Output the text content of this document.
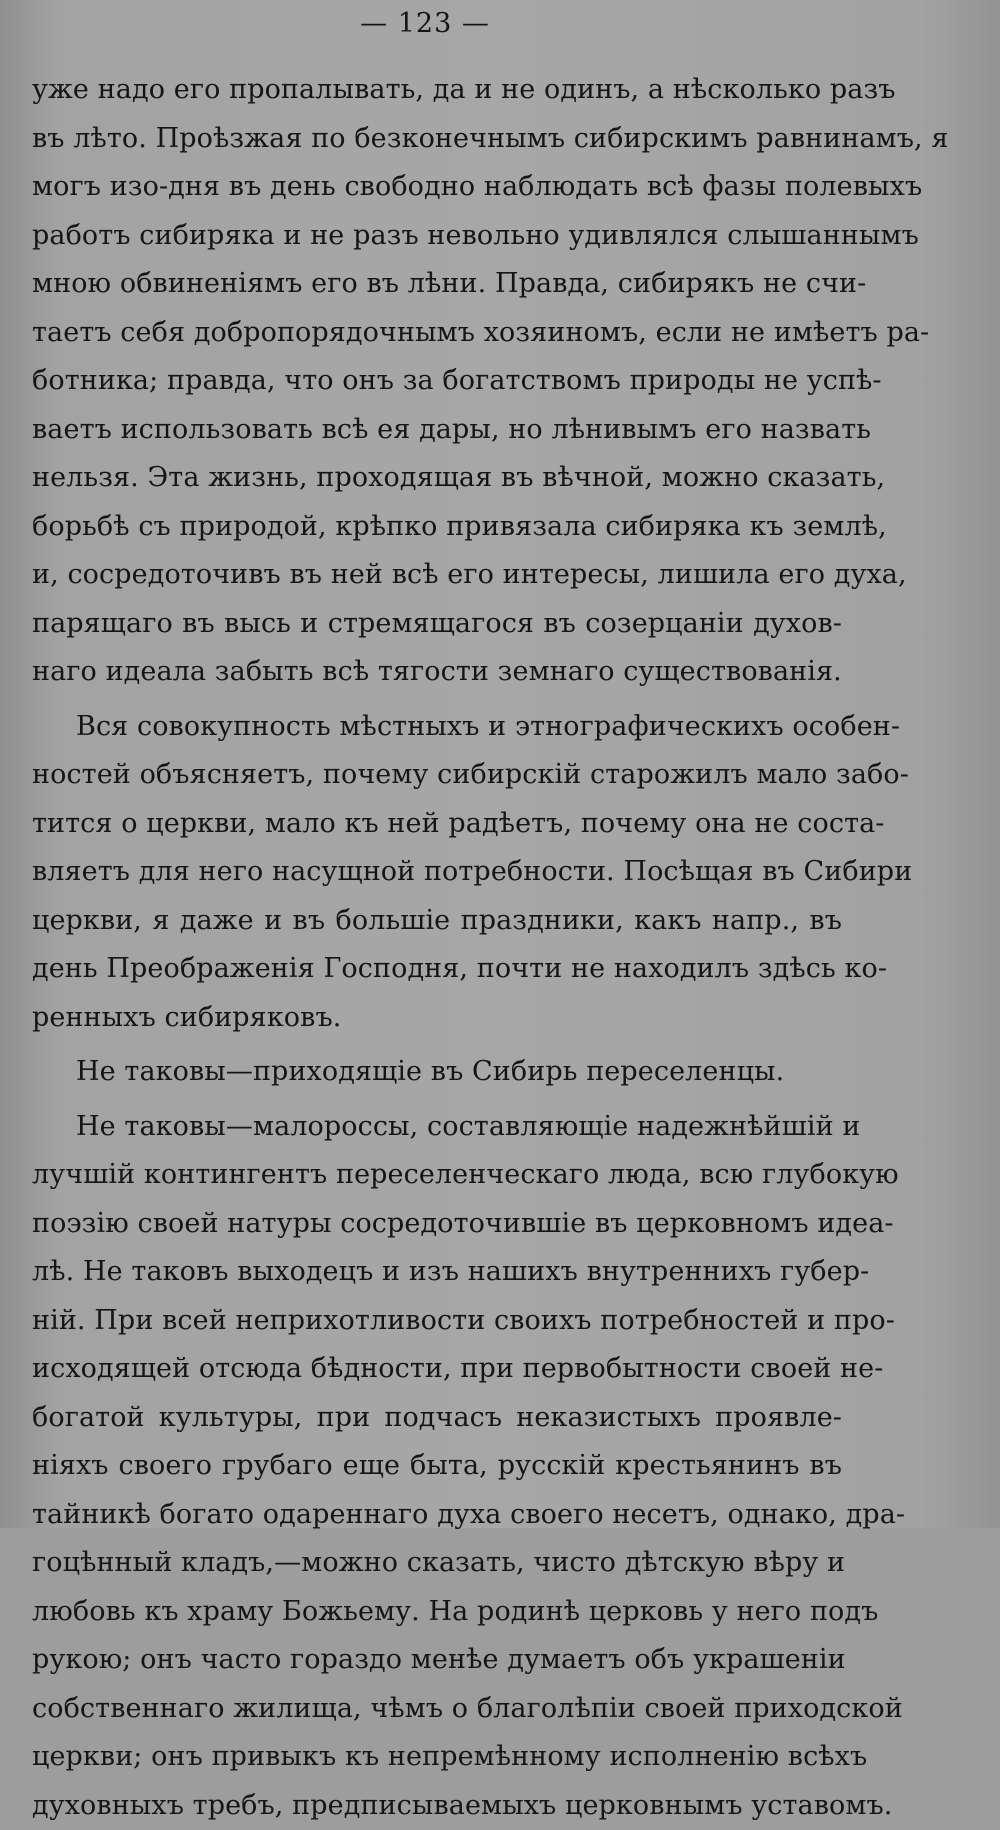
— 123 —
уже надо его пропалывать, да и не одинъ, а нѣсколько разъ
въ лѣто. Проѣзжая по безконечнымъ сибирскимъ равнинамъ, я
могъ изо-дня въ день свободно наблюдать всѣ фазы полевыхъ
работъ сибиряка и не разъ невольно удивлялся слышаннымъ
мною обвиненіямъ его въ лѣни. Правда, сибирякъ не счи-
таетъ себя добропорядочнымъ хозяиномъ, если не имѣетъ ра-
ботника; правда, что онъ за богатствомъ природы не успѣ-
ваетъ использовать всѣ ея дары, но лѣнивымъ его назвать
нельзя. Эта жизнь, проходящая въ вѣчной, можно сказать,
борьбѣ съ природой, крѣпко привязала сибиряка къ землѣ,
и, сосредоточивъ въ ней всѣ его интересы, лишила его духа,
парящаго въ высь и стремящагося въ созерцаніи духов-
наго идеала забыть всѣ тягости земнаго существованія.
Вся совокупность мѣстныхъ и этнографическихъ особен-
ностей объясняетъ, почему сибирскій старожилъ мало забо-
тится о церкви, мало къ ней радѣетъ, почему она не соста-
вляетъ для него насущной потребности. Посѣщая въ Сибири
церкви, я даже и въ большіе праздники, какъ напр., въ
день Преображенія Господня, почти не находилъ здѣсь ко-
ренныхъ сибиряковъ.
Не таковы—приходящіе въ Сибирь переселенцы.
Не таковы—малороссы, составляющіе надежнѣйшій и
лучшій контингентъ переселенческаго люда, всю глубокую
поэзію своей натуры сосредоточившіе въ церковномъ идеа-
лѣ. Не таковъ выходецъ и изъ нашихъ внутреннихъ губер-
ній. При всей неприхотливости своихъ потребностей и про-
исходящей отсюда бѣдности, при первобытности своей не-
богатой культуры, при подчасъ неказистыхъ проявле-
ніяхъ своего грубаго еще быта, русскій крестьянинъ въ
тайникѣ богато одареннаго духа своего несетъ, однако, дра-
гоцѣнный кладъ,—можно сказать, чисто дѣтскую вѣру и
любовь къ храму Божьему. На родинѣ церковь у него подъ
рукою; онъ часто гораздо менѣе думаетъ объ украшеніи
собственнаго жилища, чѣмъ о благолѣпіи своей приходской
церкви; онъ привыкъ къ непремѣнному исполненію всѣхъ
духовныхъ требъ, предписываемыхъ церковнымъ уставомъ.
